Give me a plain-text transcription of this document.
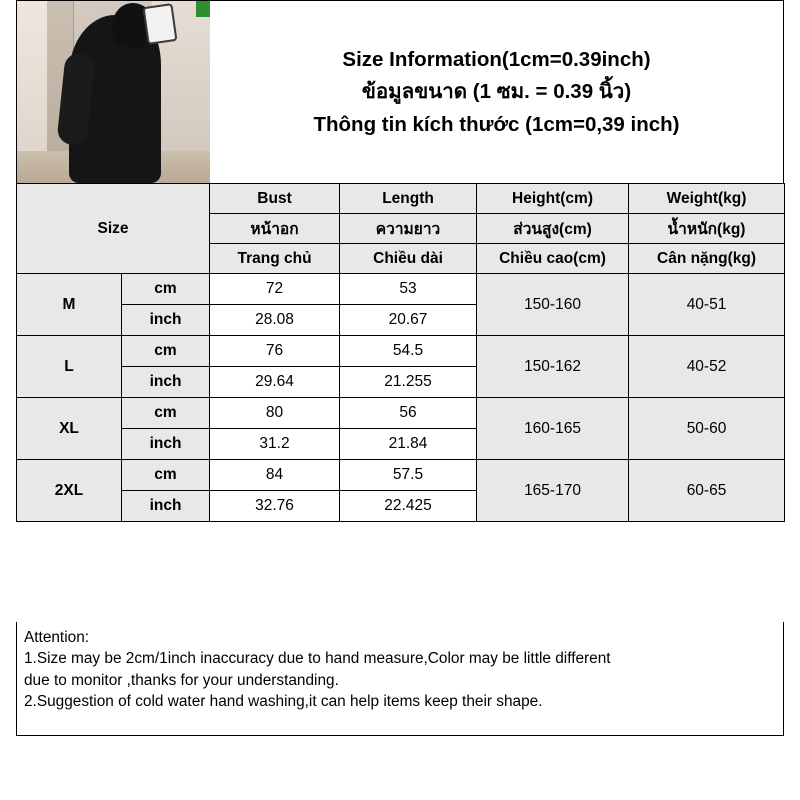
Size Information(1cm=0.39inch)
ข้อมูลขนาด (1 ซม. = 0.39 นิ้ว)
Thông tin kích thước (1cm=0,39 inch)
Size		Bust	Length	Height(cm)	Weight(kg)
		หน้าอก	ความยาว	ส่วนสูง(cm)	น้ำหนัก(kg)
		Trang chủ	Chiều dài	Chiều cao(cm)	Cân nặng(kg)
M	cm	72	53	150-160	40-51
	inch	28.08	20.67		
L	cm	76	54.5	150-162	40-52
	inch	29.64	21.255		
XL	cm	80	56	160-165	50-60
	inch	31.2	21.84		
2XL	cm	84	57.5	165-170	60-65
	inch	32.76	22.425		
Attention:
1.Size may be 2cm/1inch inaccuracy due to hand measure,Color may be little different
due to monitor ,thanks for your understanding.
2.Suggestion of cold water hand washing,it can help items keep their shape.
